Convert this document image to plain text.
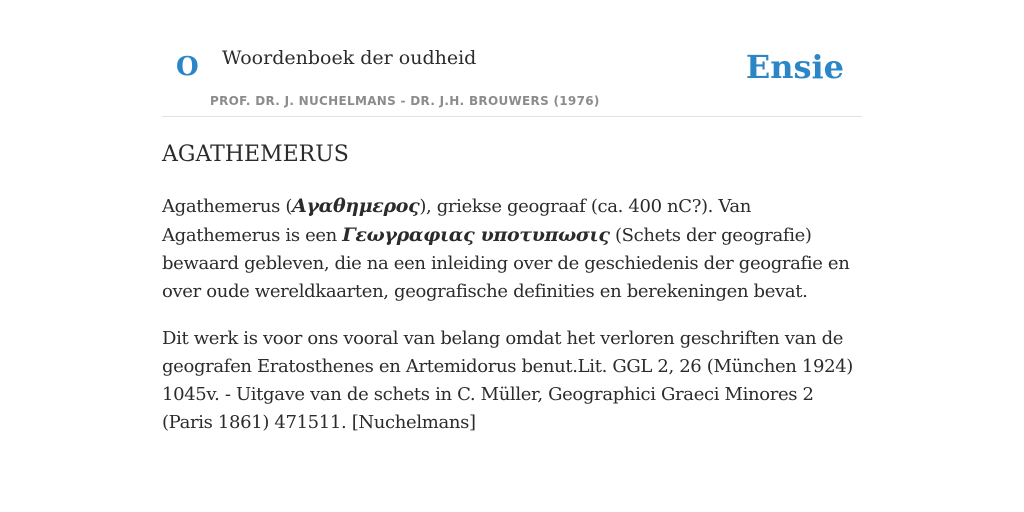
O Woordenboek der oudheid
PROF. DR. J. NUCHELMANS - DR. J.H. BROUWERS (1976)
Ensie
AGATHEMERUS

Agathemerus (Αγαθημερος), griekse geograaf (ca. 400 nC?). Van Agathemerus is een Γεωγραφιας υποτυπωσις (Schets der geografie) bewaard gebleven, die na een inleiding over de geschiedenis der geografie en over oude wereldkaarten, geografische definities en berekeningen bevat.

Dit werk is voor ons vooral van belang omdat het verloren geschriften van de geografen Eratosthenes en Artemidorus benut.Lit. GGL 2, 26 (München 1924) 1045v. - Uitgave van de schets in C. Müller, Geographici Graeci Minores 2 (Paris 1861) 471511. [Nuchelmans]
